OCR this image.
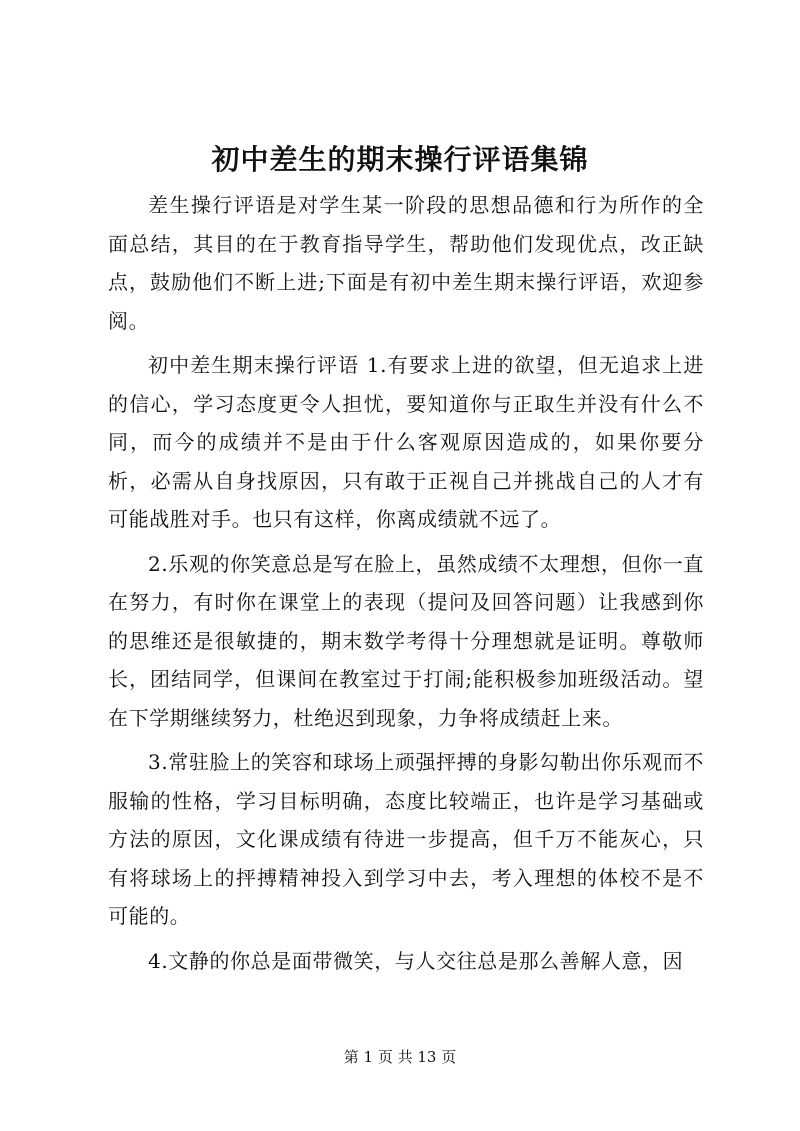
初中差生的期末操行评语集锦

差生操行评语是对学生某一阶段的思想品德和行为所作的全面总结，其目的在于教育指导学生，帮助他们发现优点，改正缺点，鼓励他们不断上进;下面是有初中差生期末操行评语，欢迎参阅。

初中差生期末操行评语 1.有要求上进的欲望，但无追求上进的信心，学习态度更令人担忧，要知道你与正取生并没有什么不同，而今的成绩并不是由于什么客观原因造成的，如果你要分析，必需从自身找原因，只有敢于正视自己并挑战自己的人才有可能战胜对手。也只有这样，你离成绩就不远了。

2.乐观的你笑意总是写在脸上，虽然成绩不太理想，但你一直在努力，有时你在课堂上的表现（提问及回答问题）让我感到你的思维还是很敏捷的，期末数学考得十分理想就是证明。尊敬师长，团结同学，但课间在教室过于打闹;能积极参加班级活动。望在下学期继续努力，杜绝迟到现象，力争将成绩赶上来。

3.常驻脸上的笑容和球场上顽强抨搏的身影勾勒出你乐观而不服输的性格，学习目标明确，态度比较端正，也许是学习基础或方法的原因，文化课成绩有待进一步提高，但千万不能灰心，只有将球场上的抨搏精神投入到学习中去，考入理想的体校不是不可能的。

4.文静的你总是面带微笑，与人交往总是那么善解人意，因

第 1 页 共 13 页
